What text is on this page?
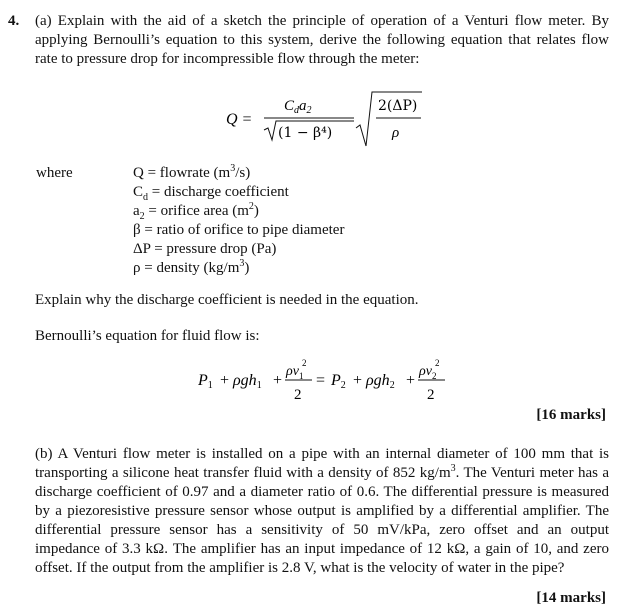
4. (a) Explain with the aid of a sketch the principle of operation of a Venturi flow meter. By applying Bernoulli’s equation to this system, derive the following equation that relates flow rate to pressure drop for incompressible flow through the meter:
Q =
$C_da_2$
(1 − β⁴)
2(ΔP)
ρ
where	Q = flowrate $(m^3/s)$
$C_d$ = discharge coefficient
$a_2$ = orifice area $(m^2)$
β = ratio of orifice to pipe diameter
ΔP = pressure drop (Pa)
ρ = density $(kg/m^3)$
Explain why the discharge coefficient is needed in the equation.
Bernoulli’s equation for fluid flow is:
P1 + ρgh1 +
$\rho v_1$
2
2
= P2 + ρgh2 +
$\rho v_2$
2
2
[16 marks]
(b) A Venturi flow meter is installed on a pipe with an internal diameter of 100 mm that is transporting a silicone heat transfer fluid with a density of 852 $kg/m^3$. The Venturi meter has a discharge coefficient of 0.97 and a diameter ratio of 0.6. The differential pressure is measured by a piezoresistive pressure sensor whose output is amplified by a differential amplifier. The differential pressure sensor has a sensitivity of 50 mV/kPa, zero offset and an output impedance of 3.3 kΩ. The amplifier has an input impedance of 12 kΩ, a gain of 10, and zero offset. If the output from the amplifier is 2.8 V, what is the velocity of water in the pipe?
[14 marks]
